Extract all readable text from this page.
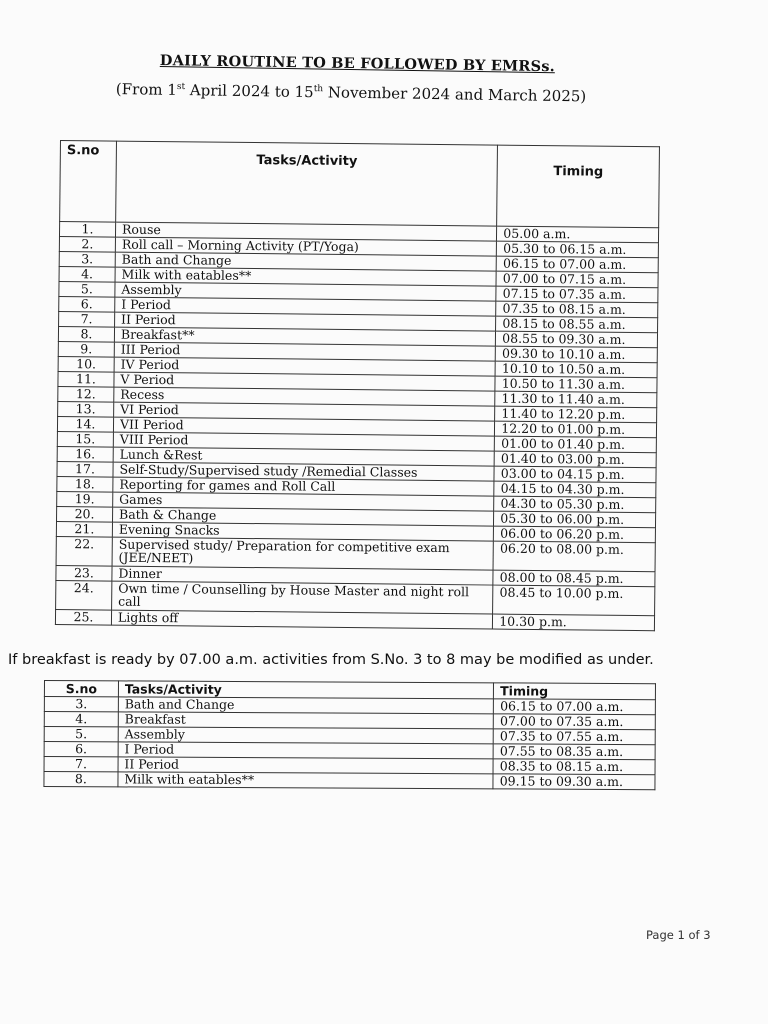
DAILY ROUTINE TO BE FOLLOWED BY EMRSs.
(From 1st April 2024 to 15th November 2024 and March 2025)
S.no	Tasks/Activity	Timing
1.	Rouse	05.00 a.m.
2.	Roll call – Morning Activity (PT/Yoga)	05.30 to 06.15 a.m.
3.	Bath and Change	06.15 to 07.00 a.m.
4.	Milk with eatables**	07.00 to 07.15 a.m.
5.	Assembly	07.15 to 07.35 a.m.
6.	I Period	07.35 to 08.15 a.m.
7.	II Period	08.15 to 08.55 a.m.
8.	Breakfast**	08.55 to 09.30 a.m.
9.	III Period	09.30 to 10.10 a.m.
10.	IV Period	10.10 to 10.50 a.m.
11.	V Period	10.50 to 11.30 a.m.
12.	Recess	11.30 to 11.40 a.m.
13.	VI Period	11.40 to 12.20 p.m.
14.	VII Period	12.20 to 01.00 p.m.
15.	VIII Period	01.00 to 01.40 p.m.
16.	Lunch &Rest	01.40 to 03.00 p.m.
17.	Self-Study/Supervised study /Remedial Classes	03.00 to 04.15 p.m.
18.	Reporting for games and Roll Call	04.15 to 04.30 p.m.
19.	Games	04.30 to 05.30 p.m.
20.	Bath & Change	05.30 to 06.00 p.m.
21.	Evening Snacks	06.00 to 06.20 p.m.
22.	Supervised study/ Preparation for competitive exam (JEE/NEET)	06.20 to 08.00 p.m.
23.	Dinner	08.00 to 08.45 p.m.
24.	Own time / Counselling by House Master and night roll call	08.45 to 10.00 p.m.
25.	Lights off	10.30 p.m.
If breakfast is ready by 07.00 a.m. activities from S.No. 3 to 8 may be modified as under.
S.no	Tasks/Activity	Timing
3.	Bath and Change	06.15 to 07.00 a.m.
4.	Breakfast	07.00 to 07.35 a.m.
5.	Assembly	07.35 to 07.55 a.m.
6.	I Period	07.55 to 08.35 a.m.
7.	II Period	08.35 to 08.15 a.m.
8.	Milk with eatables**	09.15 to 09.30 a.m.
Page 1 of 3
